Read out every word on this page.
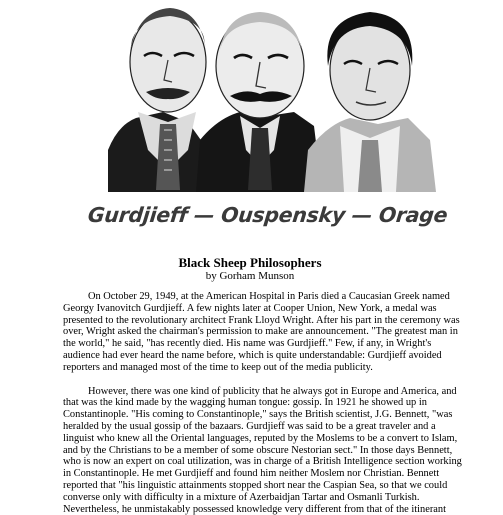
Gurdjieff — Ouspensky — Orage
Black Sheep Philosophers
by Gorham Munson
On October 29, 1949, at the American Hospital in Paris died a Caucasian Greek named
Georgy Ivanovitch Gurdjieff. A few nights later at Cooper Union, New York, a medal was
presented to the revolutionary architect Frank Lloyd Wright. After his part in the ceremony was
over, Wright asked the chairman's permission to make are announcement. "The greatest man in
the world," he said, "has recently died. His name was Gurdjieff." Few, if any, in Wright's
audience had ever heard the name before, which is quite understandable: Gurdjieff avoided
reporters and managed most of the time to keep out of the media publicity.
However, there was one kind of publicity that he always got in Europe and America, and
that was the kind made by the wagging human tongue: gossip. In 1921 he showed up in
Constantinople. "His coming to Constantinople," says the British scientist, J.G. Bennett, "was
heralded by the usual gossip of the bazaars. Gurdjieff was said to be a great traveler and a
linguist who knew all the Oriental languages, reputed by the Moslems to be a convert to Islam,
and by the Christians to be a member of some obscure Nestorian sect." In those days Bennett,
who is now an expert on coal utilization, was in charge of a British Intelligence section working
in Constantinople. He met Gurdjieff and found him neither Moslem nor Christian. Bennett
reported that "his linguistic attainments stopped short near the Caspian Sea, so that we could
converse only with difficulty in a mixture of Azerbaidjan Tartar and Osmanli Turkish.
Nevertheless, he unmistakably possessed knowledge very different from that of the itinerant
